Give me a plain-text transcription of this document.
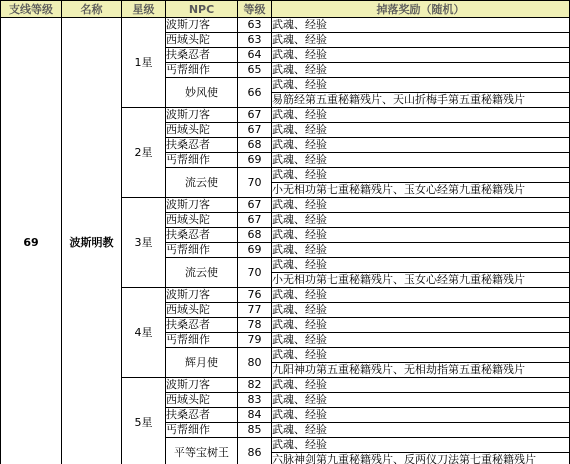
支线等级	名称	星级	NPC	等级	掉落奖励（随机）
69	波斯明教	1星	波斯刀客	63	武魂、经验
			西域头陀	63	武魂、经验
			扶桑忍者	64	武魂、经验
			丐帮细作	65	武魂、经验
			妙风使	66	武魂、经验
					易筋经第五重秘籍残片、天山折梅手第五重秘籍残片
		2星	波斯刀客	67	武魂、经验
			西域头陀	67	武魂、经验
			扶桑忍者	68	武魂、经验
			丐帮细作	69	武魂、经验
			流云使	70	武魂、经验
					小无相功第七重秘籍残片、玉女心经第九重秘籍残片
		3星	波斯刀客	67	武魂、经验
			西域头陀	67	武魂、经验
			扶桑忍者	68	武魂、经验
			丐帮细作	69	武魂、经验
			流云使	70	武魂、经验
					小无相功第七重秘籍残片、玉女心经第九重秘籍残片
		4星	波斯刀客	76	武魂、经验
			西域头陀	77	武魂、经验
			扶桑忍者	78	武魂、经验
			丐帮细作	79	武魂、经验
			辉月使	80	武魂、经验
					九阳神功第五重秘籍残片、无相劫指第五重秘籍残片
		5星	波斯刀客	82	武魂、经验
			西域头陀	83	武魂、经验
			扶桑忍者	84	武魂、经验
			丐帮细作	85	武魂、经验
			平等宝树王	86	武魂、经验
					六脉神剑第九重秘籍残片、反两仪刀法第七重秘籍残片
